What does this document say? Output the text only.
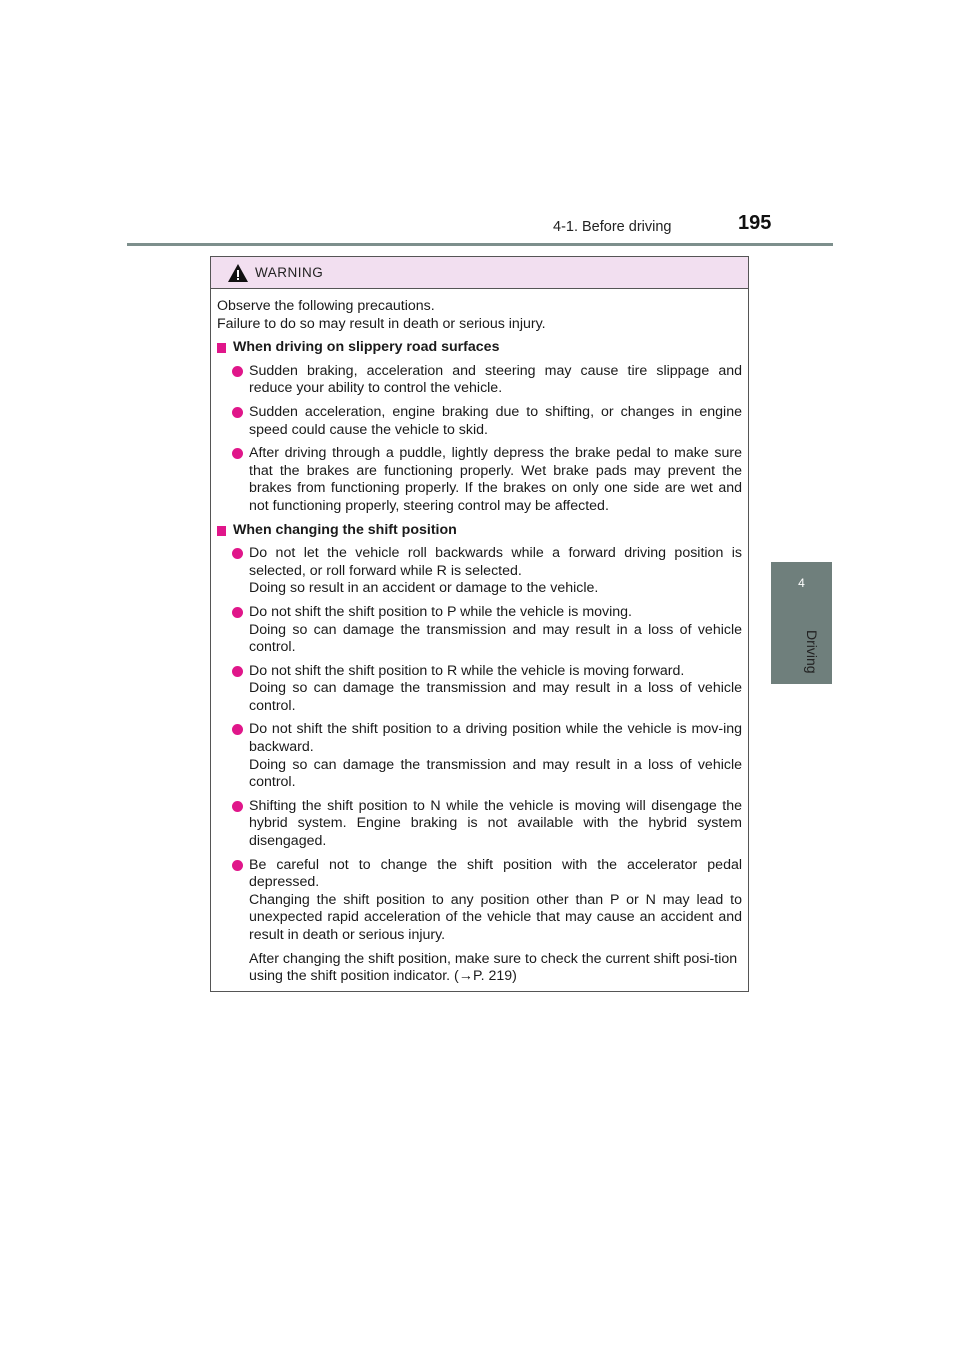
4-1. Before driving	195
4
Driving
WARNING

Observe the following precautions.

Failure to do so may result in death or serious injury.

When driving on slippery road surfaces

Sudden braking, acceleration and steering may cause tire slippage and reduce your ability to control the vehicle.

Sudden acceleration, engine braking due to shifting, or changes in engine speed could cause the vehicle to skid.

After driving through a puddle, lightly depress the brake pedal to make sure that the brakes are functioning properly. Wet brake pads may prevent the brakes from functioning properly. If the brakes on only one side are wet and not functioning properly, steering control may be affected.

When changing the shift position

Do not let the vehicle roll backwards while a forward driving position is selected, or roll forward while R is selected.

Doing so result in an accident or damage to the vehicle.

Do not shift the shift position to P while the vehicle is moving.

Doing so can damage the transmission and may result in a loss of vehicle control.

Do not shift the shift position to R while the vehicle is moving forward.

Doing so can damage the transmission and may result in a loss of vehicle control.

Do not shift the shift position to a driving position while the vehicle is mov-ing backward.

Doing so can damage the transmission and may result in a loss of vehicle control.

Shifting the shift position to N while the vehicle is moving will disengage the hybrid system. Engine braking is not available with the hybrid system disengaged.

Be careful not to change the shift position with the accelerator pedal depressed.

Changing the shift position to any position other than P or N may lead to unexpected rapid acceleration of the vehicle that may cause an accident and result in death or serious injury.

After changing the shift position, make sure to check the current shift posi-tion using the shift position indicator. (→P. 219)
